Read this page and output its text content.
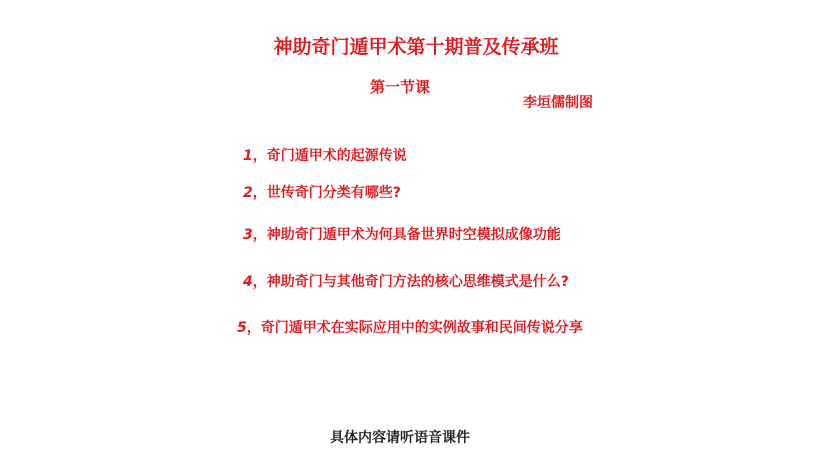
神助奇门遁甲术第十期普及传承班
第一节课
李垣儒制图
1，奇门遁甲术的起源传说
2，世传奇门分类有哪些?
3，神助奇门遁甲术为何具备世界时空模拟成像功能
4，神助奇门与其他奇门方法的核心思维模式是什么?
5，奇门遁甲术在实际应用中的实例故事和民间传说分享
具体内容请听语音课件
